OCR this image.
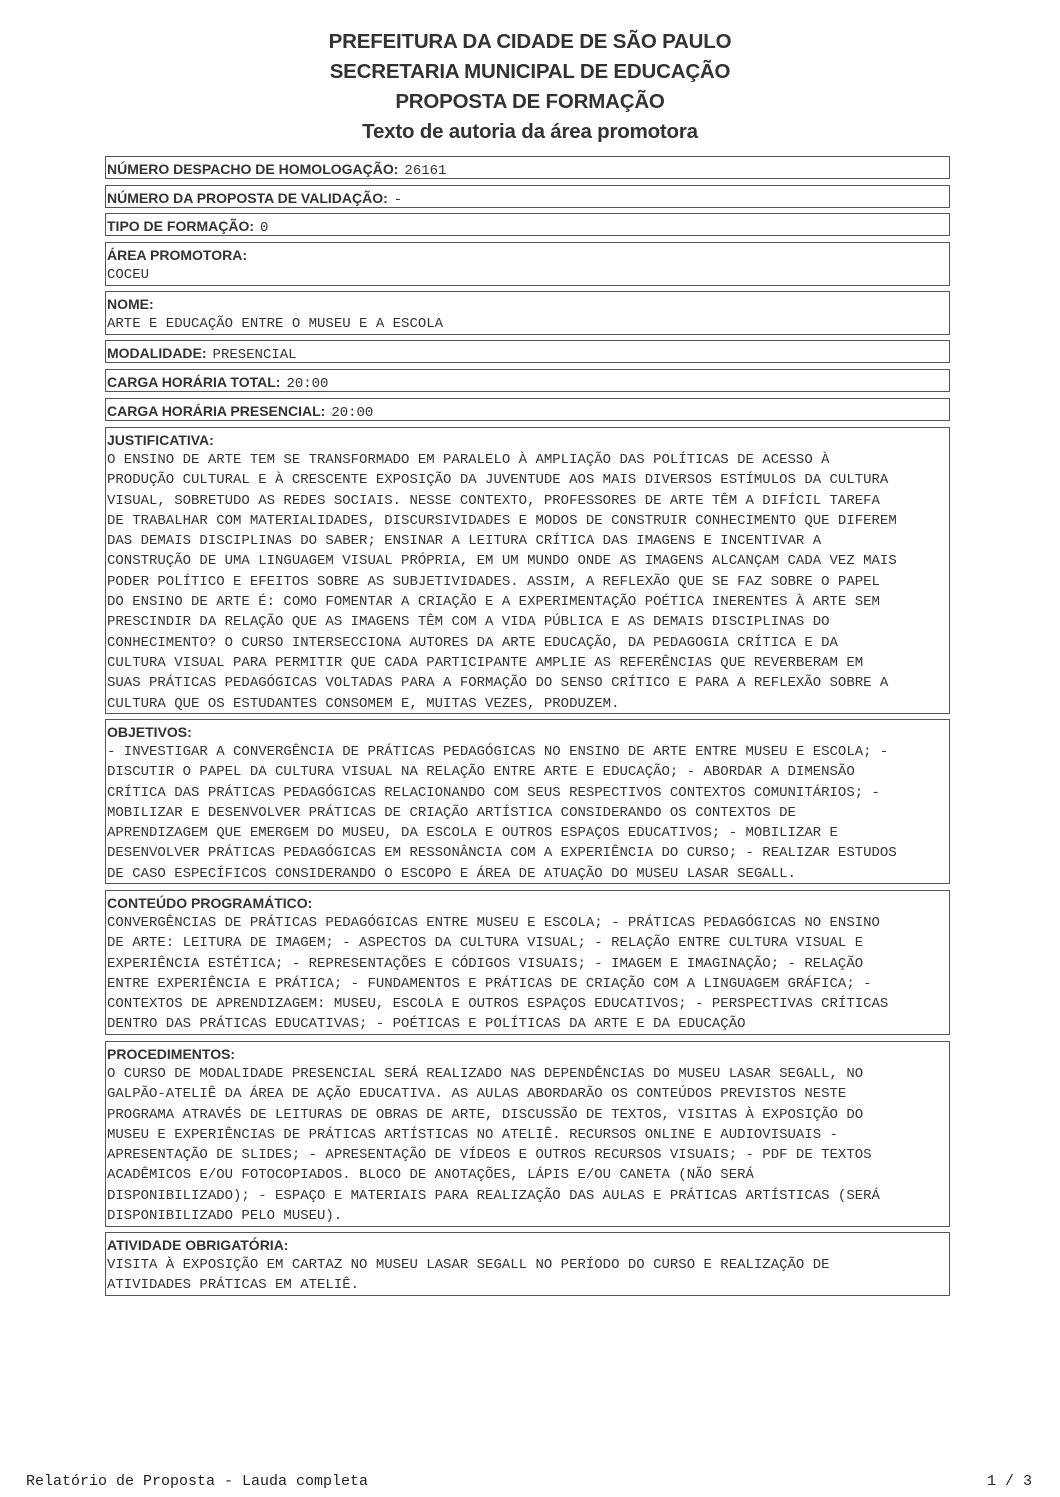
PREFEITURA DA CIDADE DE SÃO PAULO
SECRETARIA MUNICIPAL DE EDUCAÇÃO
PROPOSTA DE FORMAÇÃO
Texto de autoria da área promotora
NÚMERO DESPACHO DE HOMOLOGAÇÃO: 26161
NÚMERO DA PROPOSTA DE VALIDAÇÃO: -
TIPO DE FORMAÇÃO: 0
ÁREA PROMOTORA:
COCEU
NOME:
ARTE E EDUCAÇÃO ENTRE O MUSEU E A ESCOLA
MODALIDADE: PRESENCIAL
CARGA HORÁRIA TOTAL: 20:00
CARGA HORÁRIA PRESENCIAL: 20:00
JUSTIFICATIVA:
O ENSINO DE ARTE TEM SE TRANSFORMADO EM PARALELO À AMPLIAÇÃO DAS POLÍTICAS DE ACESSO À
PRODUÇÃO CULTURAL E À CRESCENTE EXPOSIÇÃO DA JUVENTUDE AOS MAIS DIVERSOS ESTÍMULOS DA CULTURA
VISUAL, SOBRETUDO AS REDES SOCIAIS. NESSE CONTEXTO, PROFESSORES DE ARTE TÊM A DIFÍCIL TAREFA
DE TRABALHAR COM MATERIALIDADES, DISCURSIVIDADES E MODOS DE CONSTRUIR CONHECIMENTO QUE DIFEREM
DAS DEMAIS DISCIPLINAS DO SABER; ENSINAR A LEITURA CRÍTICA DAS IMAGENS E INCENTIVAR A
CONSTRUÇÃO DE UMA LINGUAGEM VISUAL PRÓPRIA, EM UM MUNDO ONDE AS IMAGENS ALCANÇAM CADA VEZ MAIS
PODER POLÍTICO E EFEITOS SOBRE AS SUBJETIVIDADES. ASSIM, A REFLEXÃO QUE SE FAZ SOBRE O PAPEL
DO ENSINO DE ARTE É: COMO FOMENTAR A CRIAÇÃO E A EXPERIMENTAÇÃO POÉTICA INERENTES À ARTE SEM
PRESCINDIR DA RELAÇÃO QUE AS IMAGENS TÊM COM A VIDA PÚBLICA E AS DEMAIS DISCIPLINAS DO
CONHECIMENTO? O CURSO INTERSECCIONA AUTORES DA ARTE EDUCAÇÃO, DA PEDAGOGIA CRÍTICA E DA
CULTURA VISUAL PARA PERMITIR QUE CADA PARTICIPANTE AMPLIE AS REFERÊNCIAS QUE REVERBERAM EM
SUAS PRÁTICAS PEDAGÓGICAS VOLTADAS PARA A FORMAÇÃO DO SENSO CRÍTICO E PARA A REFLEXÃO SOBRE A
CULTURA QUE OS ESTUDANTES CONSOMEM E, MUITAS VEZES, PRODUZEM.
OBJETIVOS:
- INVESTIGAR A CONVERGÊNCIA DE PRÁTICAS PEDAGÓGICAS NO ENSINO DE ARTE ENTRE MUSEU E ESCOLA; -
DISCUTIR O PAPEL DA CULTURA VISUAL NA RELAÇÃO ENTRE ARTE E EDUCAÇÃO; - ABORDAR A DIMENSÃO
CRÍTICA DAS PRÁTICAS PEDAGÓGICAS RELACIONANDO COM SEUS RESPECTIVOS CONTEXTOS COMUNITÁRIOS; -
MOBILIZAR E DESENVOLVER PRÁTICAS DE CRIAÇÃO ARTÍSTICA CONSIDERANDO OS CONTEXTOS DE
APRENDIZAGEM QUE EMERGEM DO MUSEU, DA ESCOLA E OUTROS ESPAÇOS EDUCATIVOS; - MOBILIZAR E
DESENVOLVER PRÁTICAS PEDAGÓGICAS EM RESSONÂNCIA COM A EXPERIÊNCIA DO CURSO; - REALIZAR ESTUDOS
DE CASO ESPECÍFICOS CONSIDERANDO O ESCOPO E ÁREA DE ATUAÇÃO DO MUSEU LASAR SEGALL.
CONTEÚDO PROGRAMÁTICO:
CONVERGÊNCIAS DE PRÁTICAS PEDAGÓGICAS ENTRE MUSEU E ESCOLA; - PRÁTICAS PEDAGÓGICAS NO ENSINO
DE ARTE: LEITURA DE IMAGEM; - ASPECTOS DA CULTURA VISUAL; - RELAÇÃO ENTRE CULTURA VISUAL E
EXPERIÊNCIA ESTÉTICA; - REPRESENTAÇÕES E CÓDIGOS VISUAIS; - IMAGEM E IMAGINAÇÃO; - RELAÇÃO
ENTRE EXPERIÊNCIA E PRÁTICA; - FUNDAMENTOS E PRÁTICAS DE CRIAÇÃO COM A LINGUAGEM GRÁFICA; -
CONTEXTOS DE APRENDIZAGEM: MUSEU, ESCOLA E OUTROS ESPAÇOS EDUCATIVOS; - PERSPECTIVAS CRÍTICAS
DENTRO DAS PRÁTICAS EDUCATIVAS; - POÉTICAS E POLÍTICAS DA ARTE E DA EDUCAÇÃO
PROCEDIMENTOS:
O CURSO DE MODALIDADE PRESENCIAL SERÁ REALIZADO NAS DEPENDÊNCIAS DO MUSEU LASAR SEGALL, NO
GALPÃO-ATELIÊ DA ÁREA DE AÇÃO EDUCATIVA. AS AULAS ABORDARÃO OS CONTEÚDOS PREVISTOS NESTE
PROGRAMA ATRAVÉS DE LEITURAS DE OBRAS DE ARTE, DISCUSSÃO DE TEXTOS, VISITAS À EXPOSIÇÃO DO
MUSEU E EXPERIÊNCIAS DE PRÁTICAS ARTÍSTICAS NO ATELIÊ. RECURSOS ONLINE E AUDIOVISUAIS -
APRESENTAÇÃO DE SLIDES; - APRESENTAÇÃO DE VÍDEOS E OUTROS RECURSOS VISUAIS; - PDF DE TEXTOS
ACADÊMICOS E/OU FOTOCOPIADOS. BLOCO DE ANOTAÇÕES, LÁPIS E/OU CANETA (NÃO SERÁ
DISPONIBILIZADO); - ESPAÇO E MATERIAIS PARA REALIZAÇÃO DAS AULAS E PRÁTICAS ARTÍSTICAS (SERÁ
DISPONIBILIZADO PELO MUSEU).
ATIVIDADE OBRIGATÓRIA:
VISITA À EXPOSIÇÃO EM CARTAZ NO MUSEU LASAR SEGALL NO PERÍODO DO CURSO E REALIZAÇÃO DE
ATIVIDADES PRÁTICAS EM ATELIÊ.
Relatório de Proposta - Lauda completa	1 / 3
